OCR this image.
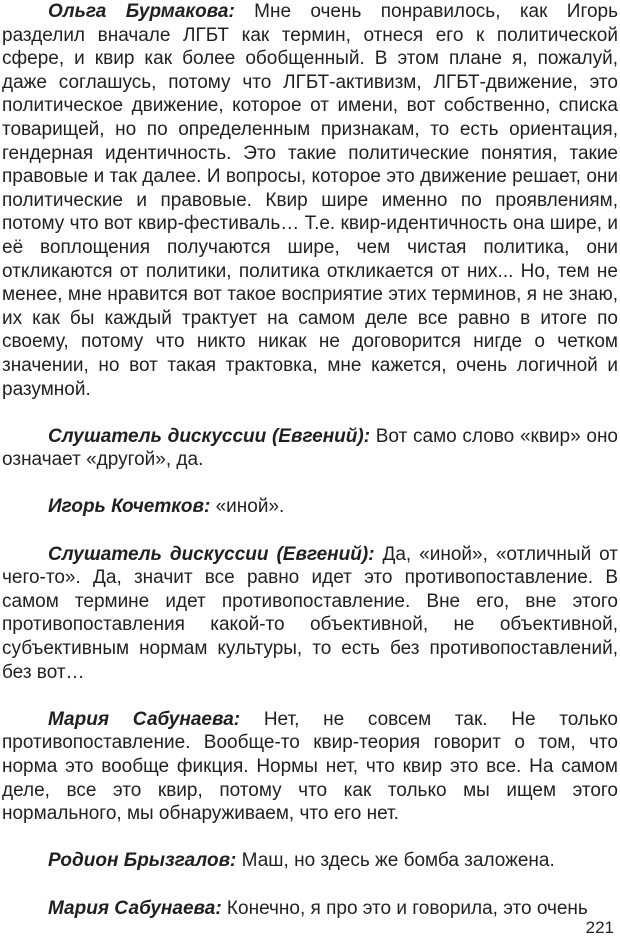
Ольга Бурмакова: Мне очень понравилось, как Игорь разделил вначале ЛГБТ как термин, отнеся его к политической сфере, и квир как более обобщенный. В этом плане я, пожалуй, даже соглашусь, потому что ЛГБТ-активизм, ЛГБТ-движение, это политическое движение, которое от имени, вот собственно, списка товарищей, но по определенным признакам, то есть ориентация, гендерная идентичность. Это такие политические понятия, такие правовые и так далее. И вопросы, которое это движение решает, они политические и правовые. Квир шире именно по проявлениям, потому что вот квир-фестиваль… Т.е. квир-идентичность она шире, и её воплощения получаются шире, чем чистая политика, они откликаются от политики, политика откликается от них... Но, тем не менее, мне нравится вот такое восприятие этих терминов, я не знаю, их как бы каждый трактует на самом деле все равно в итоге по своему, потому что никто никак не договорится нигде о четком значении, но вот такая трактовка, мне кажется, очень логичной и разумной.

Слушатель дискуссии (Евгений): Вот само слово «квир» оно означает «другой», да.

Игорь Кочетков: «иной».

Слушатель дискуссии (Евгений): Да, «иной», «отличный от чего-то». Да, значит все равно идет это противопоставление. В самом термине идет противопоставление. Вне его, вне этого противопоставления какой-то объективной, не объективной, субъективным нормам культуры, то есть без противопоставлений, без вот…

Мария Сабунаева: Нет, не совсем так. Не только противопоставление. Вообще-то квир-теория говорит о том, что норма это вообще фикция. Нормы нет, что квир это все. На самом деле, все это квир, потому что как только мы ищем этого нормального, мы обнаруживаем, что его нет.

Родион Брызгалов: Маш, но здесь же бомба заложена.

Мария Сабунаева: Конечно, я про это и говорила, это очень

221
